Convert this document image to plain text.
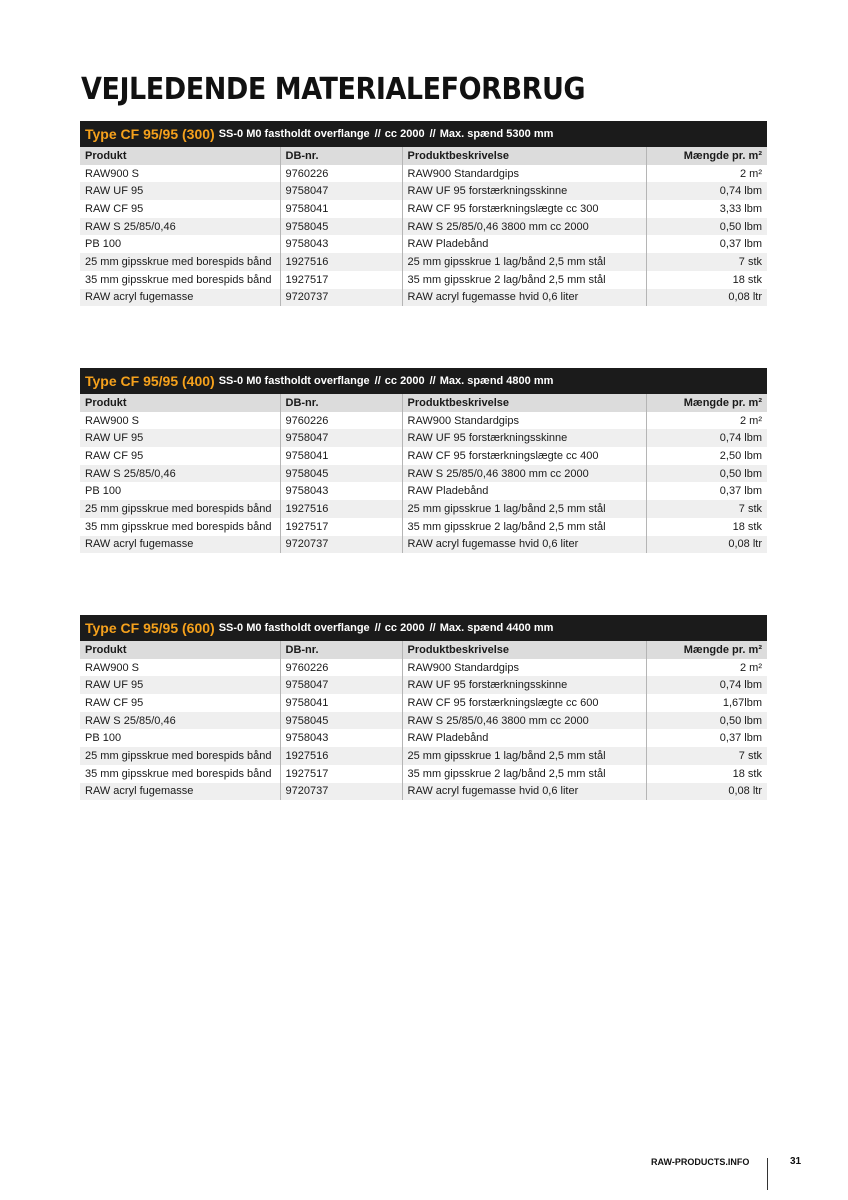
VEJLEDENDE MATERIALEFORBRUG
Type CF 95/95 (300) SS-0 M0 fastholdt overflange // cc 2000 // Max. spænd 5300 mm
Produkt	DB-nr.	Produktbeskrivelse	Mængde pr. m²
RAW900 S	9760226	RAW900 Standardgips	2 m²
RAW UF 95	9758047	RAW UF 95 forstærkningsskinne	0,74 lbm
RAW CF 95	9758041	RAW CF 95 forstærkningslægte cc 300	3,33 lbm
RAW S 25/85/0,46	9758045	RAW S 25/85/0,46 3800 mm cc 2000	0,50 lbm
PB 100	9758043	RAW Pladebånd	0,37 lbm
25 mm gipsskrue med borespids bånd	1927516	25 mm gipsskrue 1 lag/bånd 2,5 mm stål	7 stk
35 mm gipsskrue med borespids bånd	1927517	35 mm gipsskrue 2 lag/bånd 2,5 mm stål	18 stk
RAW acryl fugemasse	9720737	RAW acryl fugemasse hvid 0,6 liter	0,08 ltr
Type CF 95/95 (400) SS-0 M0 fastholdt overflange // cc 2000 // Max. spænd 4800 mm
Produkt	DB-nr.	Produktbeskrivelse	Mængde pr. m²
RAW900 S	9760226	RAW900 Standardgips	2 m²
RAW UF 95	9758047	RAW UF 95 forstærkningsskinne	0,74 lbm
RAW CF 95	9758041	RAW CF 95 forstærkningslægte cc 400	2,50 lbm
RAW S 25/85/0,46	9758045	RAW S 25/85/0,46 3800 mm cc 2000	0,50 lbm
PB 100	9758043	RAW Pladebånd	0,37 lbm
25 mm gipsskrue med borespids bånd	1927516	25 mm gipsskrue 1 lag/bånd 2,5 mm stål	7 stk
35 mm gipsskrue med borespids bånd	1927517	35 mm gipsskrue 2 lag/bånd 2,5 mm stål	18 stk
RAW acryl fugemasse	9720737	RAW acryl fugemasse hvid 0,6 liter	0,08 ltr
Type CF 95/95 (600) SS-0 M0 fastholdt overflange // cc 2000 // Max. spænd 4400 mm
Produkt	DB-nr.	Produktbeskrivelse	Mængde pr. m²
RAW900 S	9760226	RAW900 Standardgips	2 m²
RAW UF 95	9758047	RAW UF 95 forstærkningsskinne	0,74 lbm
RAW CF 95	9758041	RAW CF 95 forstærkningslægte cc 600	1,67lbm
RAW S 25/85/0,46	9758045	RAW S 25/85/0,46 3800 mm cc 2000	0,50 lbm
PB 100	9758043	RAW Pladebånd	0,37 lbm
25 mm gipsskrue med borespids bånd	1927516	25 mm gipsskrue 1 lag/bånd 2,5 mm stål	7 stk
35 mm gipsskrue med borespids bånd	1927517	35 mm gipsskrue 2 lag/bånd 2,5 mm stål	18 stk
RAW acryl fugemasse	9720737	RAW acryl fugemasse hvid 0,6 liter	0,08 ltr
RAW-PRODUCTS.INFO	31
